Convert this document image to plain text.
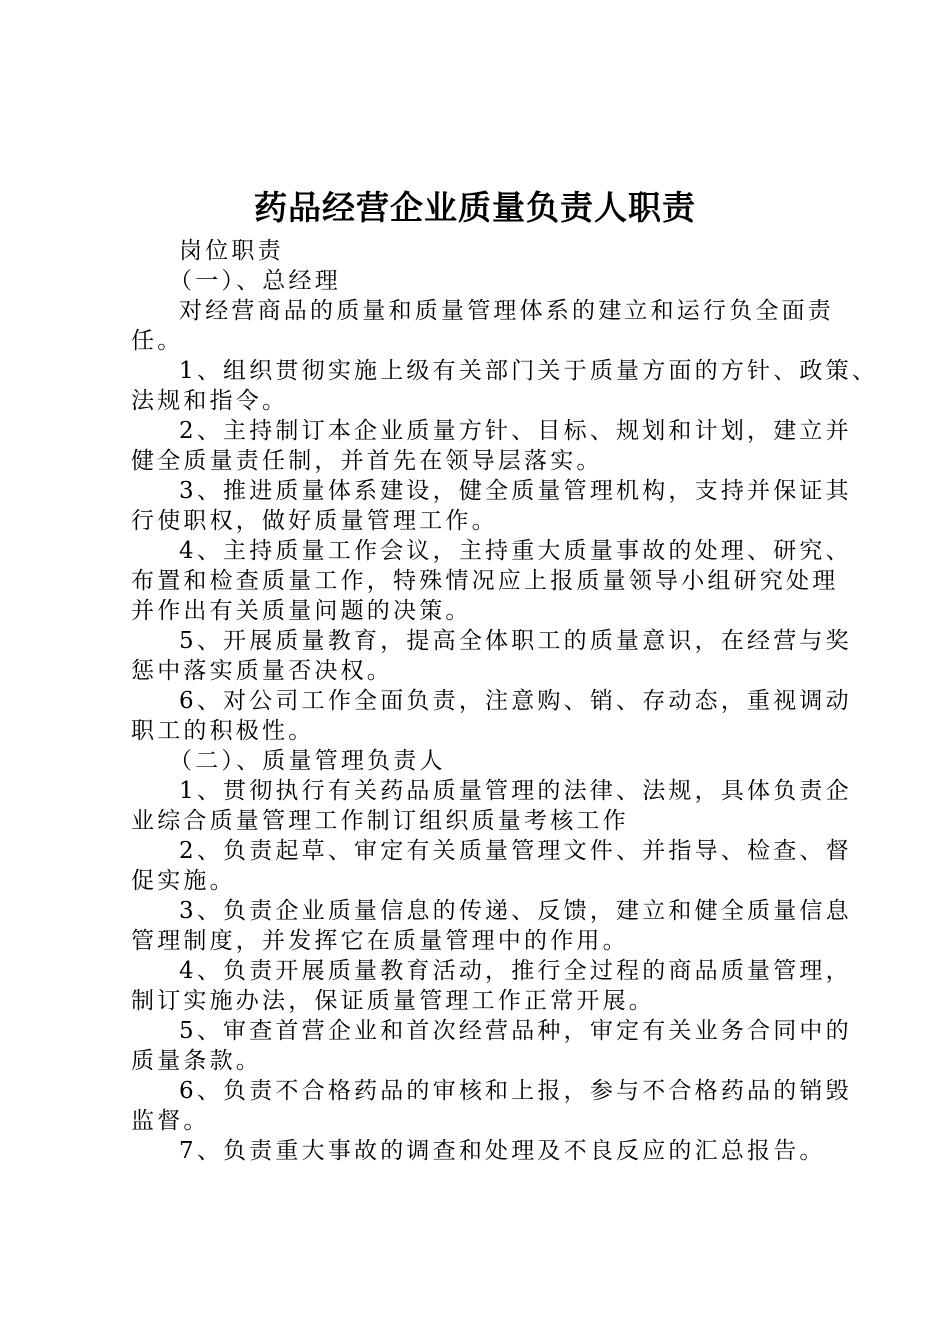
药品经营企业质量负责人职责
岗位职责
（一）、总经理
对经营商品的质量和质量管理体系的建立和运行负全面责
任。
1、组织贯彻实施上级有关部门关于质量方面的方针、政策、
法规和指令。
2、主持制订本企业质量方针、目标、规划和计划，建立并
健全质量责任制，并首先在领导层落实。
3、推进质量体系建设，健全质量管理机构，支持并保证其
行使职权，做好质量管理工作。
4、主持质量工作会议，主持重大质量事故的处理、研究、
布置和检查质量工作，特殊情况应上报质量领导小组研究处理
并作出有关质量问题的决策。
5、开展质量教育，提高全体职工的质量意识，在经营与奖
惩中落实质量否决权。
6、对公司工作全面负责，注意购、销、存动态，重视调动
职工的积极性。
（二）、质量管理负责人
1、贯彻执行有关药品质量管理的法律、法规，具体负责企
业综合质量管理工作制订组织质量考核工作
2、负责起草、审定有关质量管理文件、并指导、检查、督
促实施。
3、负责企业质量信息的传递、反馈，建立和健全质量信息
管理制度，并发挥它在质量管理中的作用。
4、负责开展质量教育活动，推行全过程的商品质量管理，
制订实施办法，保证质量管理工作正常开展。
5、审查首营企业和首次经营品种，审定有关业务合同中的
质量条款。
6、负责不合格药品的审核和上报，参与不合格药品的销毁
监督。
7、负责重大事故的调查和处理及不良反应的汇总报告。
